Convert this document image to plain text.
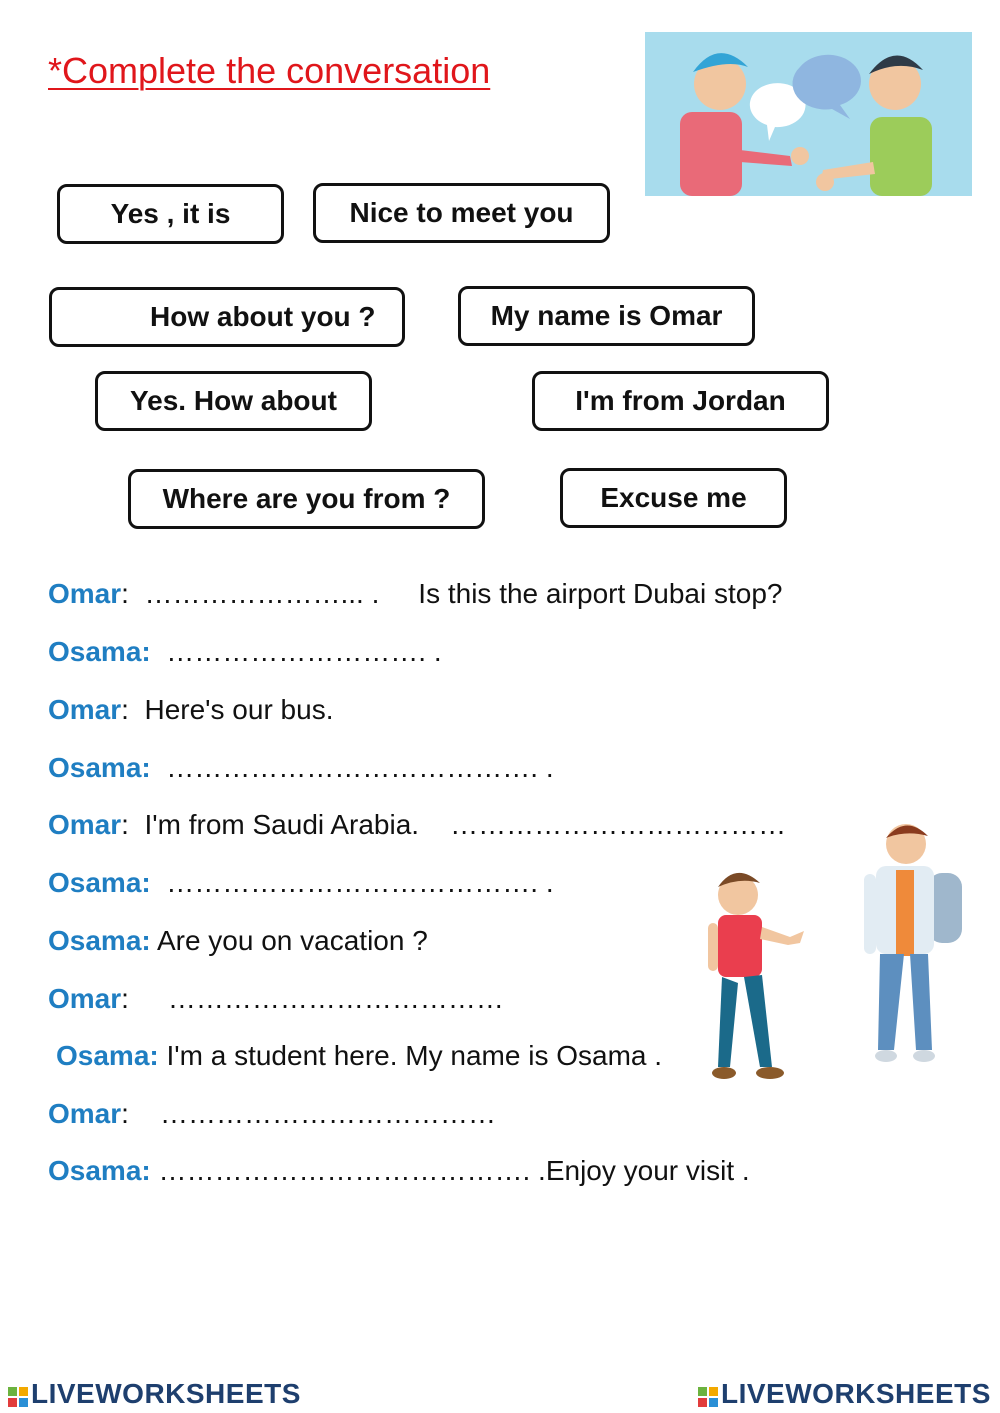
*Complete the conversation
Yes , it is	Nice to meet you
How about you ?	My name is Omar
Yes. How about	I'm from Jordan
Where are you from ?	Excuse me
Omar:  …………………... .     Is this the airport Dubai stop?
Osama:  ………………………. .
Omar:  Here's our bus.
Osama:  …………………………………. .
Omar:  I'm from Saudi Arabia.    ………………………………
Osama:  …………………………………. .
Osama: Are you on vacation ?
Omar:     ………………………………
Osama: I'm a student here. My name is Osama .
Omar:    ………………………………
Osama: …………………………………. .Enjoy your visit .
LIVEWORKSHEETS	LIVEWORKSHEETS
